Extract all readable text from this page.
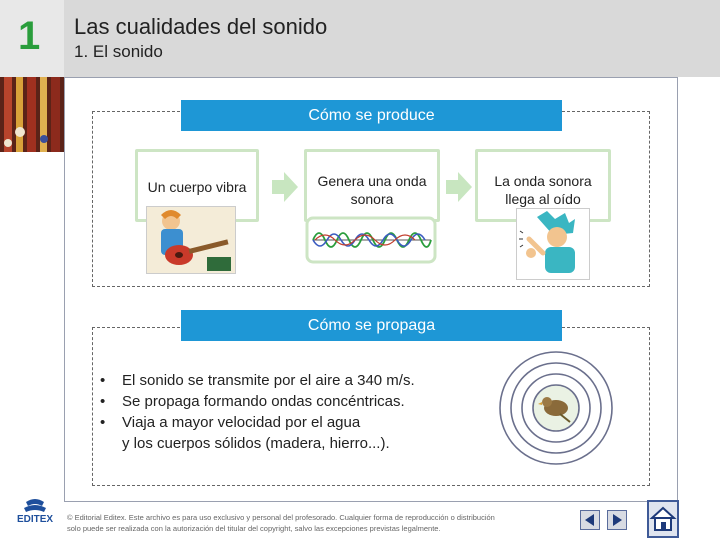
1 Las cualidades del sonido
1. El sonido
Cómo se produce
Un cuerpo vibra	Genera una onda
sonora
La onda sonora
llega al oído
Cómo se propaga
•	El sonido se transmite por el aire a 340 m/s.
•	Se propaga formando ondas concéntricas.
•	Viaja a mayor velocidad por el agua
y los cuerpos sólidos (madera, hierro...).
EDITEX	© Editorial Editex. Este archivo es para uso exclusivo y personal del profesorado. Cualquier forma de reproducción o distribución
solo puede ser realizada con la autorización del titular del copyright, salvo las excepciones previstas legalmente.
